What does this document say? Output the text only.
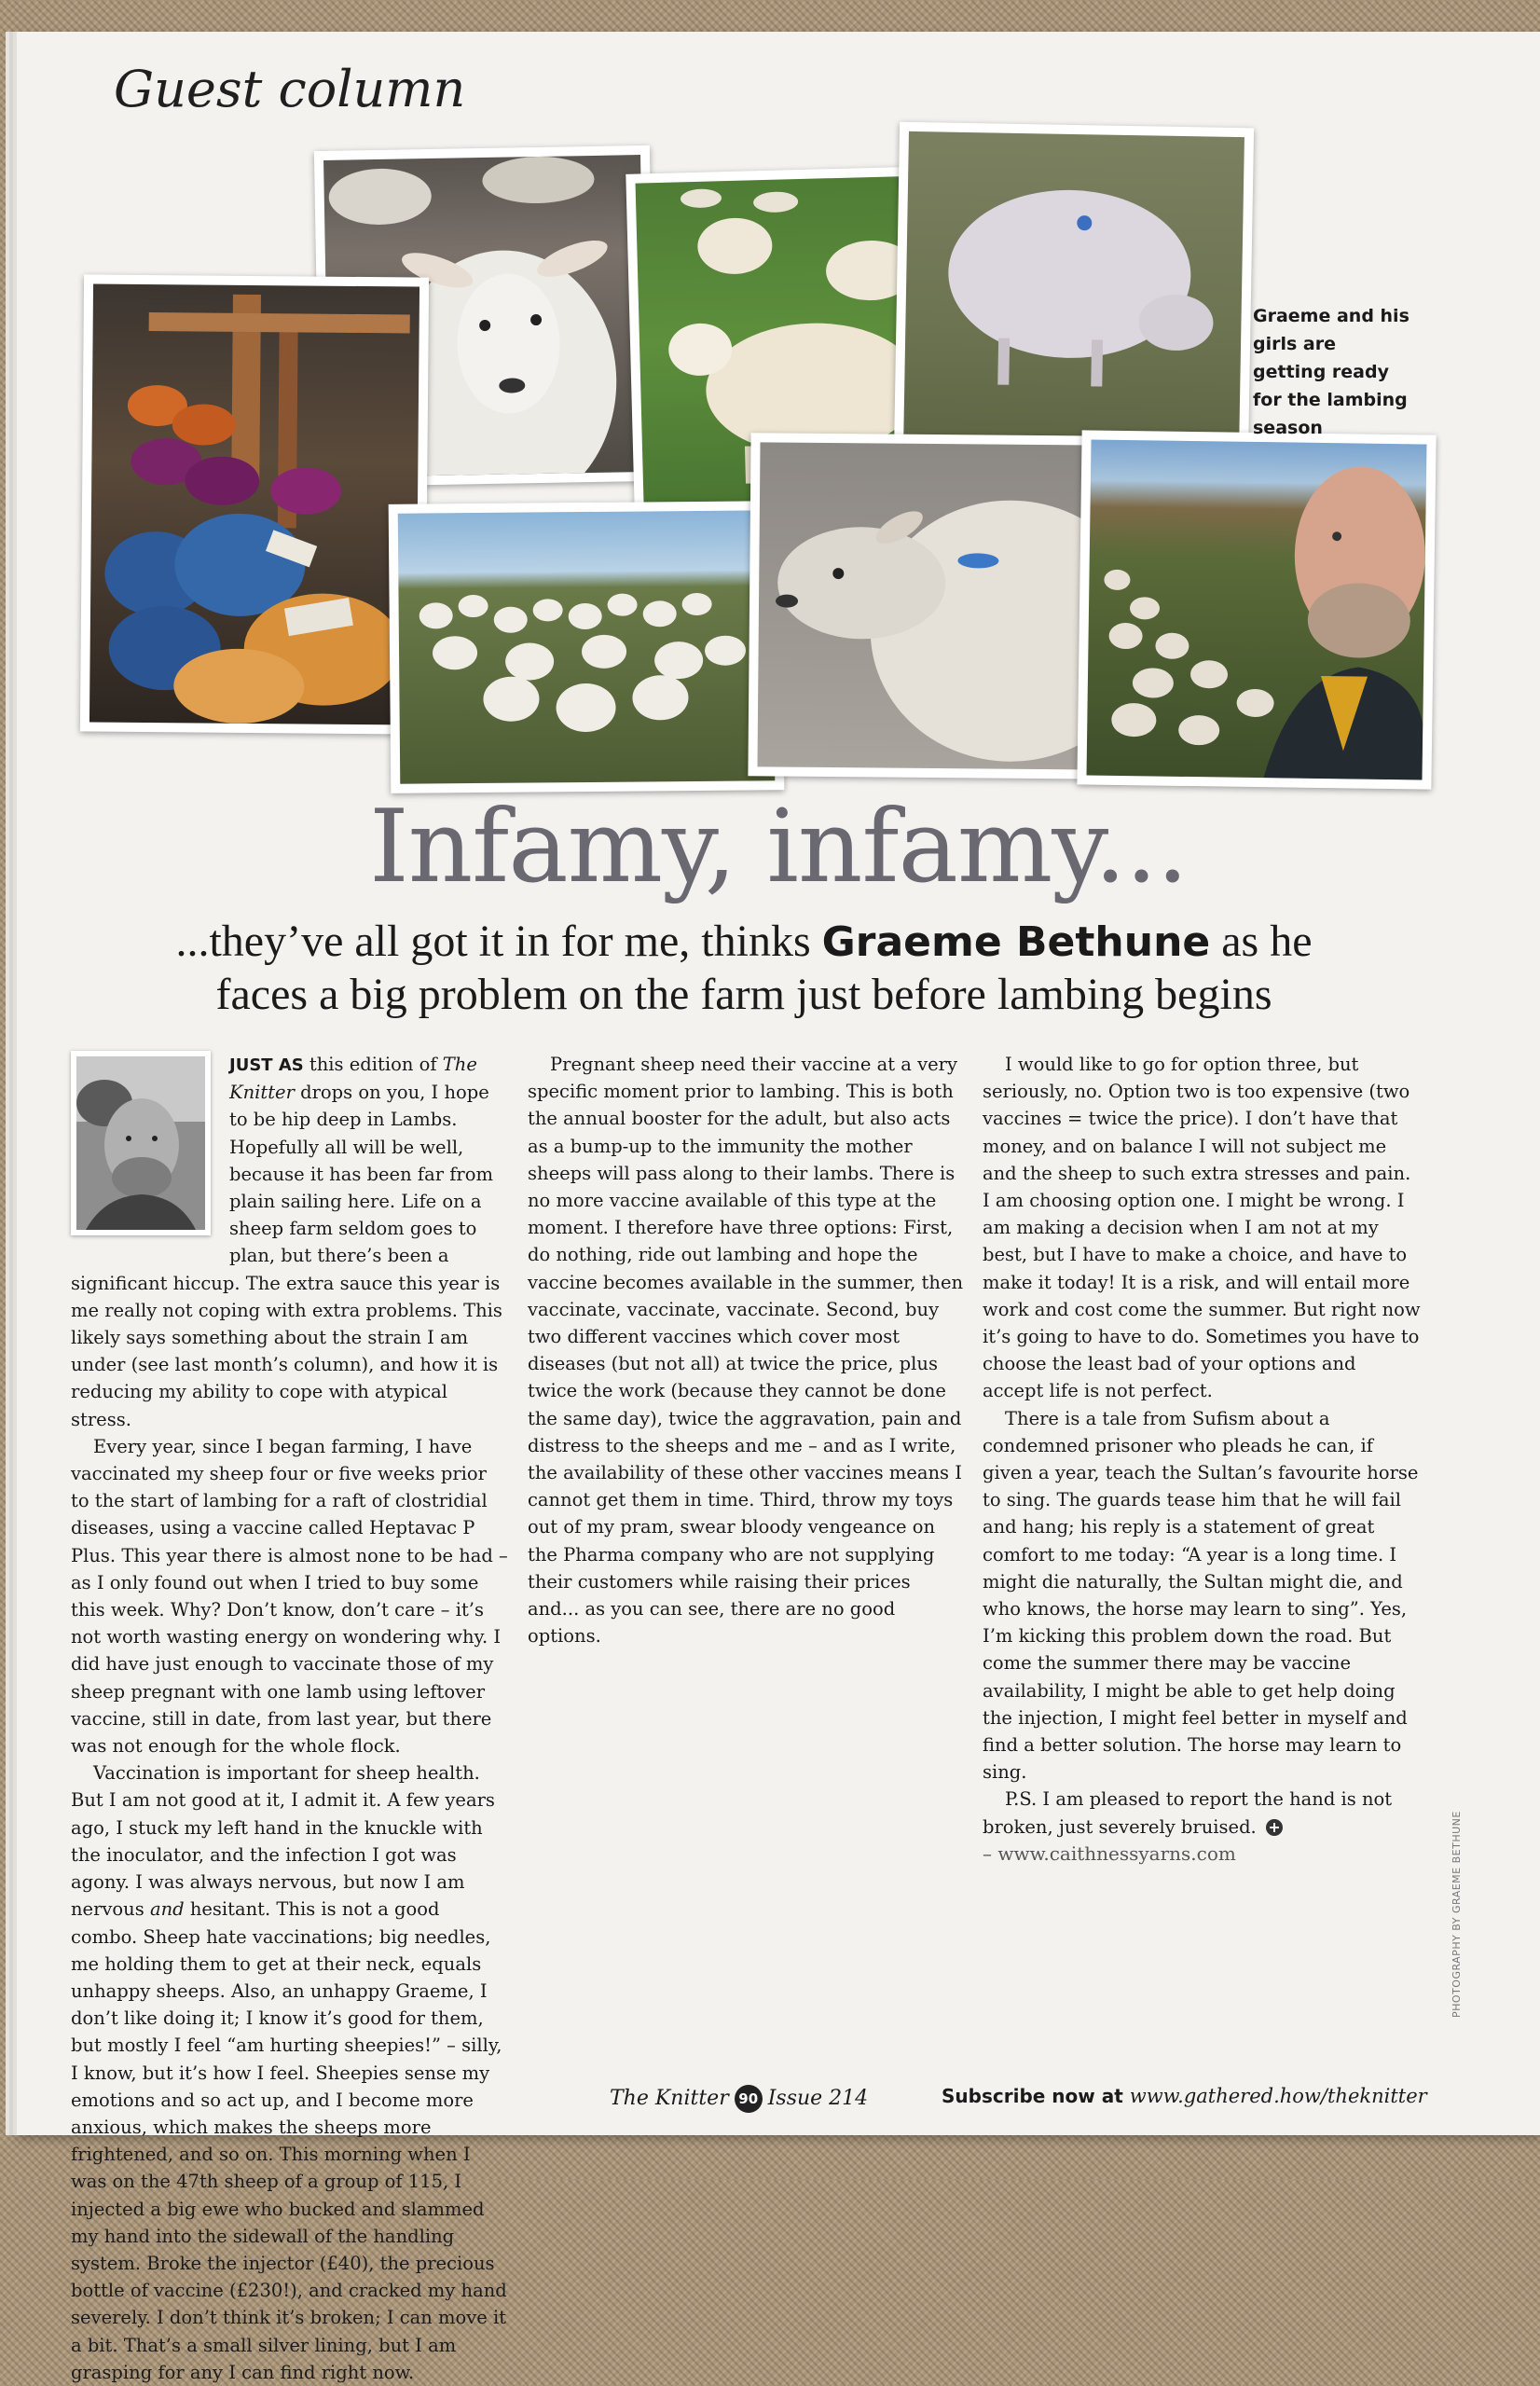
Guest column
Graeme and his girls are getting ready for the lambing season
Infamy, infamy...
...they’ve all got it in for me, thinks Graeme Bethune as he faces a big problem on the farm just before lambing begins

JUST AS this edition of The Knitter drops on you, I hope to be hip deep in Lambs. Hopefully all will be well, because it has been far from plain sailing here. Life on a sheep farm seldom goes to plan, but there’s been a significant hiccup. The extra sauce this year is me really not coping with extra problems. This likely says something about the strain I am under (see last month’s column), and how it is reducing my ability to cope with atypical stress.

Every year, since I began farming, I have vaccinated my sheep four or five weeks prior to the start of lambing for a raft of clostridial diseases, using a vaccine called Heptavac P Plus. This year there is almost none to be had – as I only found out when I tried to buy some this week. Why? Don’t know, don’t care – it’s not worth wasting energy on wondering why. I did have just enough to vaccinate those of my sheep pregnant with one lamb using leftover vaccine, still in date, from last year, but there was not enough for the whole flock.

Vaccination is important for sheep health. But I am not good at it, I admit it. A few years ago, I stuck my left hand in the knuckle with the inoculator, and the infection I got was agony. I was always nervous, but now I am nervous and hesitant. This is not a good combo. Sheep hate vaccinations; big needles, me holding them to get at their neck, equals unhappy sheeps. Also, an unhappy Graeme, I don’t like doing it; I know it’s good for them, but mostly I feel “am hurting sheepies!” – silly, I know, but it’s how I feel. Sheepies sense my emotions and so act up, and I become more anxious, which makes the sheeps more frightened, and so on. This morning when I was on the 47th sheep of a group of 115, I injected a big ewe who bucked and slammed my hand into the sidewall of the handling system. Broke the injector (£40), the precious bottle of vaccine (£230!), and cracked my hand severely. I don’t think it’s broken; I can move it a bit. That’s a small silver lining, but I am grasping for any I can find right now.

Pregnant sheep need their vaccine at a very specific moment prior to lambing. This is both the annual booster for the adult, but also acts as a bump-up to the immunity the mother sheeps will pass along to their lambs. There is no more vaccine available of this type at the moment. I therefore have three options: First, do nothing, ride out lambing and hope the vaccine becomes available in the summer, then vaccinate, vaccinate, vaccinate. Second, buy two different vaccines which cover most diseases (but not all) at twice the price, plus twice the work (because they cannot be done the same day), twice the aggravation, pain and distress to the sheeps and me – and as I write, the availability of these other vaccines means I cannot get them in time. Third, throw my toys out of my pram, swear bloody vengeance on the Pharma company who are not supplying their customers while raising their prices and... as you can see, there are no good options.

I would like to go for option three, but seriously, no. Option two is too expensive (two vaccines = twice the price). I don’t have that money, and on balance I will not subject me and the sheep to such extra stresses and pain. I am choosing option one. I might be wrong. I am making a decision when I am not at my best, but I have to make a choice, and have to make it today! It is a risk, and will entail more work and cost come the summer. But right now it’s going to have to do. Sometimes you have to choose the least bad of your options and accept life is not perfect.

There is a tale from Sufism about a condemned prisoner who pleads he can, if given a year, teach the Sultan’s favourite horse to sing. The guards tease him that he will fail and hang; his reply is a statement of great comfort to me today: “A year is a long time. I might die naturally, the Sultan might die, and who knows, the horse may learn to sing”. Yes, I’m kicking this problem down the road. But come the summer there may be vaccine availability, I might be able to get help doing the injection, I might feel better in myself and find a better solution. The horse may learn to sing.

P.S. I am pleased to report the hand is not broken, just severely bruised.

– www.caithnessyarns.com	PHOTOGRAPHY BY GRAEME BETHUNE
The Knitter 90 Issue 214	Subscribe now at www.gathered.how/theknitter
